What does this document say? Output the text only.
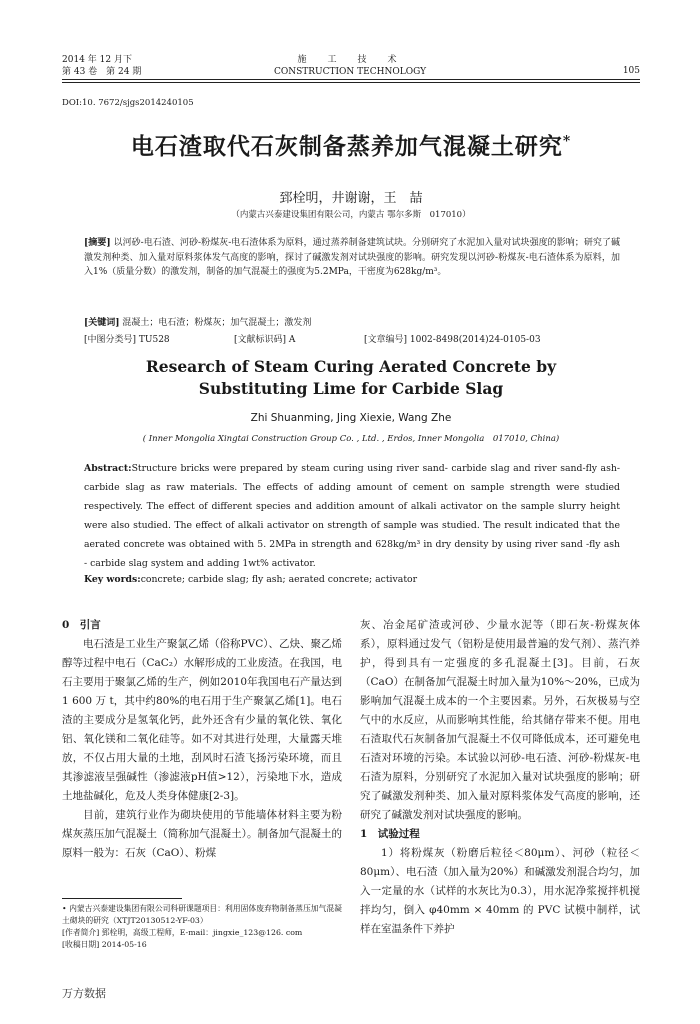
2014 年 12 月下
第 43 卷　第 24 期
施　工　技　术
CONSTRUCTION TECHNOLOGY	105
DOI:10. 7672/sjgs2014240105
电石渣取代石灰制备蒸养加气混凝土研究*
郅栓明，井谢谢，王　喆
（内蒙古兴泰建设集团有限公司，内蒙古 鄂尔多斯　017010）
[摘要] 以河砂-电石渣、河砂-粉煤灰-电石渣体系为原料，通过蒸养制备建筑试块。分别研究了水泥加入量对试块强度的影响；研究了碱激发剂种类、加入量对原料浆体发气高度的影响，探讨了碱激发剂对试块强度的影响。研究发现以河砂-粉煤灰-电石渣体系为原料，加入1%（质量分数）的激发剂，制备的加气混凝土的强度为5.2MPa，干密度为628kg/m³。
[关键词] 混凝土；电石渣；粉煤灰；加气混凝土；激发剂
[中图分类号] TU528	[文献标识码] A	[文章编号] 1002-8498(2014)24-0105-03
Research of Steam Curing Aerated Concrete by
Substituting Lime for Carbide Slag
Zhi Shuanming, Jing Xiexie, Wang Zhe
( Inner Mongolia Xingtai Construction Group Co. , Ltd. , Erdos, Inner Mongolia　017010, China)
Abstract:Structure bricks were prepared by steam curing using river sand- carbide slag and river sand-fly ash- carbide slag as raw materials. The effects of adding amount of cement on sample strength were studied respectively. The effect of different species and addition amount of alkali activator on the sample slurry height were also studied. The effect of alkali activator on strength of sample was studied. The result indicated that the aerated concrete was obtained with 5. 2MPa in strength and 628kg/m³ in dry density by using river sand -fly ash - carbide slag system and adding 1wt% activator.
Key words:concrete; carbide slag; fly ash; aerated concrete; activator

0　引言

电石渣是工业生产聚氯乙烯（俗称PVC）、乙炔、聚乙烯醇等过程中电石（CaC₂）水解形成的工业废渣。在我国，电石主要用于聚氯乙烯的生产，例如2010年我国电石产量达到1 600 万 t，其中约80%的电石用于生产聚氯乙烯[1]。电石渣的主要成分是氢氧化钙，此外还含有少量的氧化铁、氧化铝、氧化镁和二氧化硅等。如不对其进行处理，大量露天堆放，不仅占用大量的土地，刮风时石渣飞扬污染环境，而且其渗滤液呈强碱性（渗滤液pH值>12），污染地下水，造成土地盐碱化，危及人类身体健康[2-3]。

目前，建筑行业作为砌块使用的节能墙体材料主要为粉煤灰蒸压加气混凝土（简称加气混凝土）。制备加气混凝土的原料一般为：石灰（CaO）、粉煤

灰、冶金尾矿渣或河砂、少量水泥等（即石灰-粉煤灰体系），原料通过发气（铝粉是使用最普遍的发气剂）、蒸汽养护，得到具有一定强度的多孔混凝土[3]。目前，石灰（CaO）在制备加气混凝土时加入量为10%～20%，已成为影响加气混凝土成本的一个主要因素。另外，石灰极易与空气中的水反应，从而影响其性能，给其储存带来不便。用电石渣取代石灰制备加气混凝土不仅可降低成本，还可避免电石渣对环境的污染。本试验以河砂-电石渣、河砂-粉煤灰-电石渣为原料，分别研究了水泥加入量对试块强度的影响；研究了碱激发剂种类、加入量对原料浆体发气高度的影响，还研究了碱激发剂对试块强度的影响。

1　试验过程

1）将粉煤灰（粉磨后粒径＜80μm）、河砂（粒径＜80μm）、电石渣（加入量为20%）和碱激发剂混合均匀，加入一定量的水（试样的水灰比为0.3），用水泥净浆搅拌机搅拌均匀，倒入 φ40mm × 40mm 的 PVC 试模中制样，试样在室温条件下养护

• 内蒙古兴泰建设集团有限公司科研课题项目：利用固体废弃物制备蒸压加气混凝土砌块的研究（XTJT20130512-YF-03）

[作者简介] 郅栓明，高级工程师，E-mail：jingxie_123@126. com

[收稿日期] 2014-05-16

万方数据
